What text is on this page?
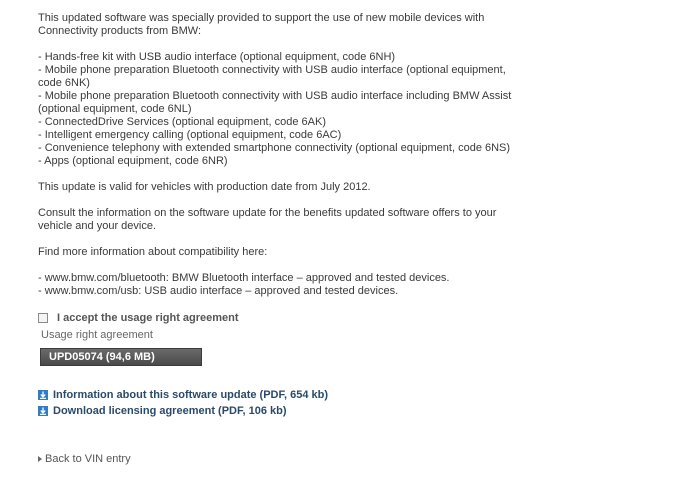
This updated software was specially provided to support the use of new mobile devices with Connectivity products from BMW:

- Hands-free kit with USB audio interface (optional equipment, code 6NH)
- Mobile phone preparation Bluetooth connectivity with USB audio interface (optional equipment, code 6NK)
- Mobile phone preparation Bluetooth connectivity with USB audio interface including BMW Assist (optional equipment, code 6NL)
- ConnectedDrive Services (optional equipment, code 6AK)
- Intelligent emergency calling (optional equipment, code 6AC)
- Convenience telephony with extended smartphone connectivity (optional equipment, code 6NS)
- Apps (optional equipment, code 6NR)

This update is valid for vehicles with production date from July 2012.

Consult the information on the software update for the benefits updated software offers to your vehicle and your device.

Find more information about compatibility here:

- www.bmw.com/bluetooth: BMW Bluetooth interface – approved and tested devices.
- www.bmw.com/usb: USB audio interface – approved and tested devices.
I accept the usage right agreement
Usage right agreement
UPD05074 (94,6 MB)
Information about this software update (PDF, 654 kb)
Download licensing agreement (PDF, 106 kb)
Back to VIN entry
